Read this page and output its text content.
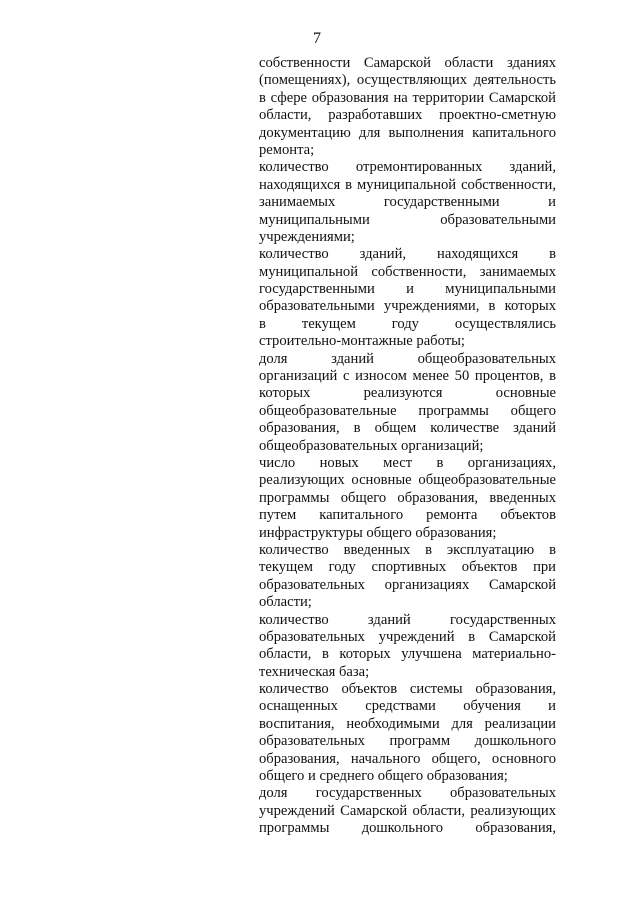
7
собственности Самарской области зданиях
(помещениях), осуществляющих деятельность
в сфере образования на территории Самарской
области, разработавших проектно-сметную
документацию для выполнения капитального
ремонта;
количество отремонтированных зданий,
находящихся в муниципальной собственности,
занимаемых государственными и
муниципальными образовательными
учреждениями;
количество зданий, находящихся в
муниципальной собственности, занимаемых
государственными и муниципальными
образовательными учреждениями, в которых
в текущем году осуществлялись
строительно-монтажные работы;
доля зданий общеобразовательных
организаций с износом менее 50 процентов, в
которых реализуются основные
общеобразовательные программы общего
образования, в общем количестве зданий
общеобразовательных организаций;
число новых мест в организациях,
реализующих основные общеобразовательные
программы общего образования, введенных
путем капитального ремонта объектов
инфраструктуры общего образования;
количество введенных в эксплуатацию в
текущем году спортивных объектов при
образовательных организациях Самарской
области;
количество зданий государственных
образовательных учреждений в Самарской
области, в которых улучшена материально-
техническая база;
количество объектов системы образования,
оснащенных средствами обучения и
воспитания, необходимыми для реализации
образовательных программ дошкольного
образования, начального общего, основного
общего и среднего общего образования;
доля государственных образовательных
учреждений Самарской области, реализующих
программы дошкольного образования,
